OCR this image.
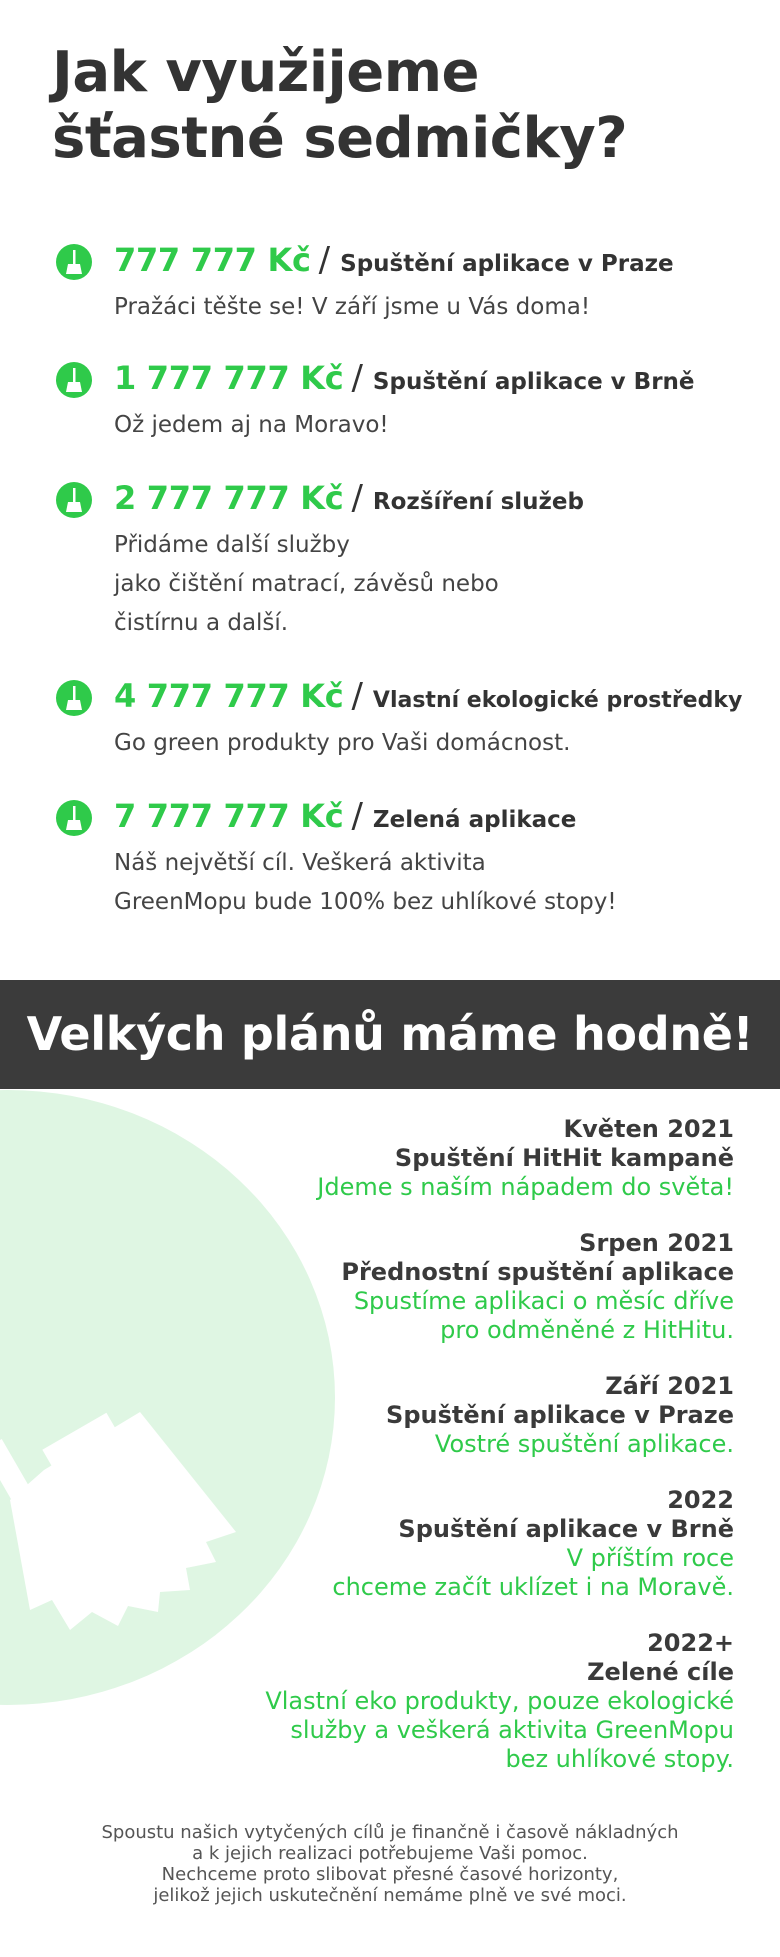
Jak využijeme
šťastné sedmičky?
777 777 Kč / Spuštění aplikace v Praze
Pražáci těšte se! V září jsme u Vás doma!
1 777 777 Kč / Spuštění aplikace v Brně
Ož jedem aj na Moravo!
2 777 777 Kč / Rozšíření služeb
Přidáme další služby
jako čištění matrací, závěsů nebo
čistírnu a další.
4 777 777 Kč / Vlastní ekologické prostředky
Go green produkty pro Vaši domácnost.
7 777 777 Kč / Zelená aplikace
Náš největší cíl. Veškerá aktivita
GreenMopu bude 100% bez uhlíkové stopy!
Velkých plánů máme hodně!
Květen 2021
Spuštění HitHit kampaně
Jdeme s naším nápadem do světa!
Srpen 2021
Přednostní spuštění aplikace
Spustíme aplikaci o měsíc dříve
pro odměněné z HitHitu.
Září 2021
Spuštění aplikace v Praze
Vostré spuštění aplikace.
2022
Spuštění aplikace v Brně
V příštím roce
chceme začít uklízet i na Moravě.
2022+
Zelené cíle
Vlastní eko produkty, pouze ekologické
služby a veškerá aktivita GreenMopu
bez uhlíkové stopy.
Spoustu našich vytyčených cílů je finančně i časově nákladných
a k jejich realizaci potřebujeme Vaši pomoc.
Nechceme proto slibovat přesné časové horizonty,
jelikož jejich uskutečnění nemáme plně ve své moci.
